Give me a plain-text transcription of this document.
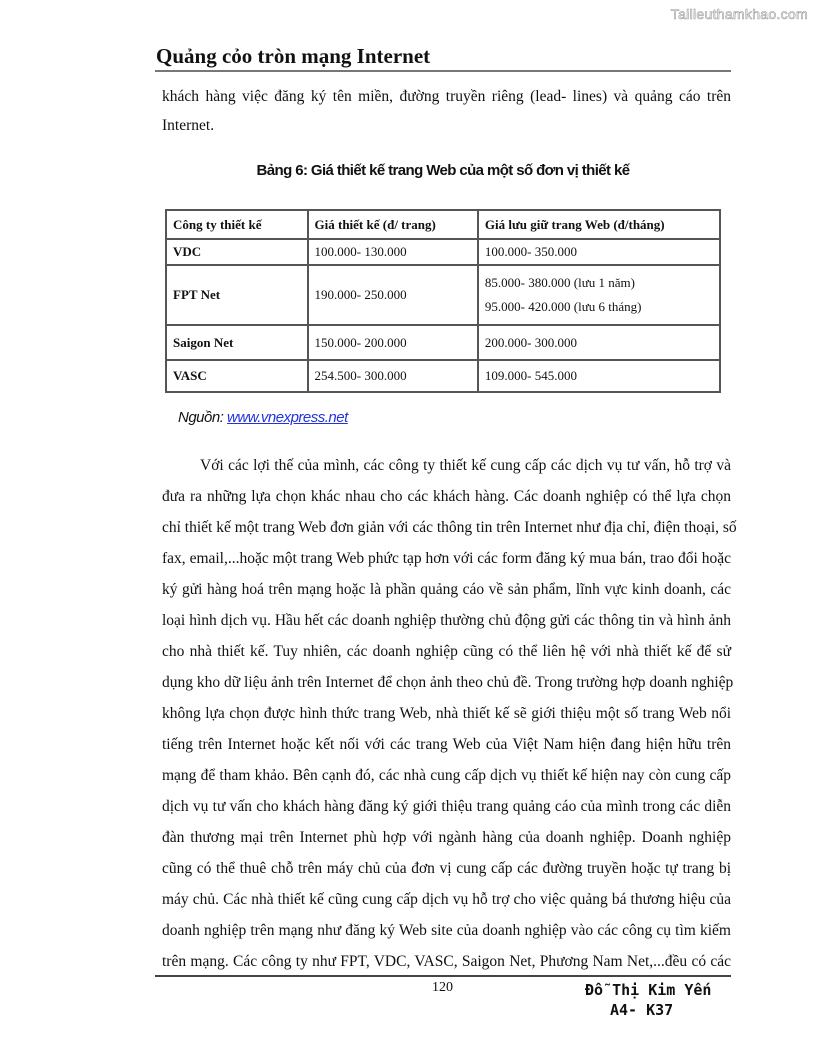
Tailieuthamkhao.com
Quảng cỏo tròn mạng Internet
khách hàng việc đăng ký tên miền, đường truyền riêng (lead- lines) và quảng cáo trên
Internet.
Bảng 6: Giá thiết kế trang Web của một số đơn vị thiết kế
Công ty thiết kế	Giá thiết kế (đ/ trang)	Giá lưu giữ trang Web (đ/tháng)
VDC	100.000- 130.000	100.000- 350.000
FPT Net	190.000- 250.000	85.000- 380.000 (lưu 1 năm)
95.000- 420.000 (lưu 6 tháng)

Saigon Net	150.000- 200.000	200.000- 300.000
VASC	254.500- 300.000	109.000- 545.000
Nguồn: www.vnexpress.net
Với các lợi thế của mình, các công ty thiết kế cung cấp các dịch vụ tư vấn, hỗ trợ và
đưa ra những lựa chọn khác nhau cho các khách hàng. Các doanh nghiệp có thể lựa chọn
chỉ thiết kế một trang Web đơn giản với các thông tin trên Internet như địa chỉ, điện thoại, số
fax, email,...hoặc một trang Web phức tạp hơn với các form đăng ký mua bán, trao đổi hoặc
ký gửi hàng hoá trên mạng hoặc là phần quảng cáo về sản phẩm, lĩnh vực kinh doanh, các
loại hình dịch vụ. Hầu hết các doanh nghiệp thường chủ động gửi các thông tin và hình ảnh
cho nhà thiết kế. Tuy nhiên, các doanh nghiệp cũng có thể liên hệ với nhà thiết kế để sử
dụng kho dữ liệu ảnh trên Internet để chọn ảnh theo chủ đề. Trong trường hợp doanh nghiệp
không lựa chọn được hình thức trang Web, nhà thiết kế sẽ giới thiệu một số trang Web nổi
tiếng trên Internet hoặc kết nối với các trang Web của Việt Nam hiện đang hiện hữu trên
mạng để tham khảo. Bên cạnh đó, các nhà cung cấp dịch vụ thiết kế hiện nay còn cung cấp
dịch vụ tư vấn cho khách hàng đăng ký giới thiệu trang quảng cáo của mình trong các diễn
đàn thương mại trên Internet phù hợp với ngành hàng của doanh nghiệp. Doanh nghiệp
cũng có thể thuê chỗ trên máy chủ của đơn vị cung cấp các đường truyền hoặc tự trang bị
máy chủ. Các nhà thiết kế cũng cung cấp dịch vụ hỗ trợ cho việc quảng bá thương hiệu của
doanh nghiệp trên mạng như đăng ký Web site của doanh nghiệp vào các công cụ tìm kiếm
trên mạng. Các công ty như FPT, VDC, VASC, Saigon Net, Phương Nam Net,...đều có các
120	Đỗ Thị Kim Yến
A4- K37
